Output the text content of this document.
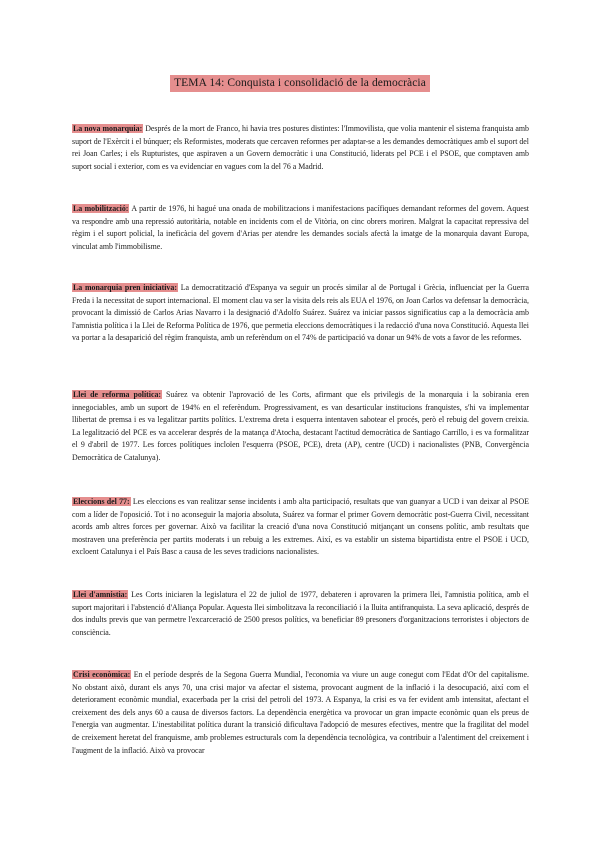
TEMA 14: Conquista i consolidació de la democràcia

La nova monarquia: Després de la mort de Franco, hi havia tres postures distintes: l'Immovilista, que volia mantenir el sistema franquista amb suport de l'Exèrcit i el búnquer; els Reformistes, moderats que cercaven reformes per adaptar-se a les demandes democràtiques amb el suport del rei Joan Carles; i els Rupturistes, que aspiraven a un Govern democràtic i una Constitució, liderats pel PCE i el PSOE, que comptaven amb suport social i exterior, com es va evidenciar en vagues com la del 76 a Madrid.

La mobilització: A partir de 1976, hi hagué una onada de mobilitzacions i manifestacions pacífiques demandant reformes del govern. Aquest va respondre amb una repressió autoritària, notable en incidents com el de Vitòria, on cinc obrers moriren. Malgrat la capacitat repressiva del règim i el suport policial, la ineficàcia del govern d'Arias per atendre les demandes socials afectà la imatge de la monarquia davant Europa, vinculat amb l'immobilisme.

La monarquia pren iniciativa: La democratització d'Espanya va seguir un procés similar al de Portugal i Grècia, influenciat per la Guerra Freda i la necessitat de suport internacional. El moment clau va ser la visita dels reis als EUA el 1976, on Joan Carlos va defensar la democràcia, provocant la dimissió de Carlos Arias Navarro i la designació d'Adolfo Suárez. Suárez va iniciar passos significatius cap a la democràcia amb l'amnistia política i la Llei de Reforma Política de 1976, que permetia eleccions democràtiques i la redacció d'una nova Constitució. Aquesta llei va portar a la desaparició del règim franquista, amb un referèndum on el 74% de participació va donar un 94% de vots a favor de les reformes.

Llei de reforma política: Suárez va obtenir l'aprovació de les Corts, afirmant que els privilegis de la monarquia i la sobirania eren innegociables, amb un suport de 194% en el referèndum. Progressivament, es van desarticular institucions franquistes, s'hi va implementar llibertat de premsa i es va legalitzar partits polítics. L'extrema dreta i esquerra intentaven sabotear el procés, però el rebuig del govern creixia. La legalització del PCE es va accelerar després de la matança d'Atocha, destacant l'actitud democràtica de Santiago Carrillo, i es va formalitzar el 9 d'abril de 1977. Les forces polítiques incloïen l'esquerra (PSOE, PCE), dreta (AP), centre (UCD) i nacionalistes (PNB, Convergència Democràtica de Catalunya).

Eleccions del 77: Les eleccions es van realitzar sense incidents i amb alta participació, resultats que van guanyar a UCD i van deixar al PSOE com a líder de l'oposició. Tot i no aconseguir la majoria absoluta, Suárez va formar el primer Govern democràtic post-Guerra Civil, necessitant acords amb altres forces per governar. Això va facilitar la creació d'una nova Constitució mitjançant un consens polític, amb resultats que mostraven una preferència per partits moderats i un rebuig a les extremes. Així, es va establir un sistema bipartidista entre el PSOE i UCD, excloent Catalunya i el País Basc a causa de les seves tradicions nacionalistes.

Llei d'amnistia: Les Corts iniciaren la legislatura el 22 de juliol de 1977, debateren i aprovaren la primera llei, l'amnistia política, amb el suport majoritari i l'abstenció d'Aliança Popular. Aquesta llei simbolitzava la reconciliació i la lluita antifranquista. La seva aplicació, després de dos indults previs que van permetre l'excarceració de 2500 presos polítics, va beneficiar 89 presoners d'organitzacions terroristes i objectors de consciència.

Crisi econòmica: En el període després de la Segona Guerra Mundial, l'economia va viure un auge conegut com l'Edat d'Or del capitalisme. No obstant això, durant els anys 70, una crisi major va afectar el sistema, provocant augment de la inflació i la desocupació, així com el deteriorament econòmic mundial, exacerbada per la crisi del petroli del 1973. A Espanya, la crisi es va fer evident amb intensitat, afectant el creixement des dels anys 60 a causa de diversos factors. La dependència energètica va provocar un gran impacte econòmic quan els preus de l'energia van augmentar. L'inestabilitat política durant la transició dificultava l'adopció de mesures efectives, mentre que la fragilitat del model de creixement heretat del franquisme, amb problemes estructurals com la dependència tecnològica, va contribuir a l'alentiment del creixement i l'augment de la inflació. Això va provocar
